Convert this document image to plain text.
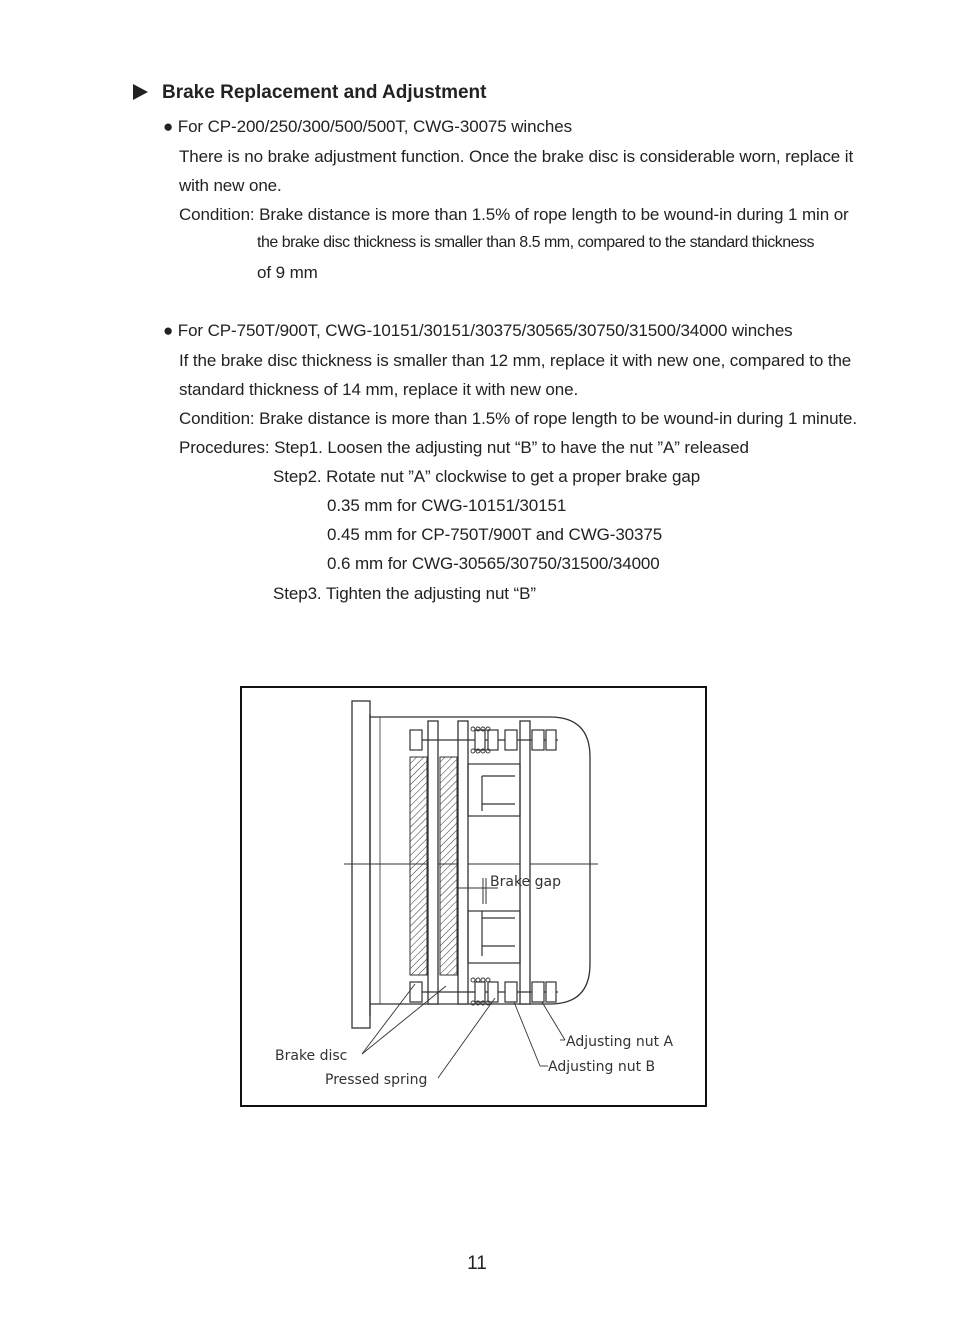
Brake Replacement and Adjustment
● For CP-200/250/300/500/500T, CWG-30075 winches
There is no brake adjustment function. Once the brake disc is considerable worn, replace it
with new one.
Condition: Brake distance is more than 1.5% of rope length to be wound-in during 1 min or
the brake disc thickness is smaller than 8.5 mm, compared to the standard thickness
of 9 mm
● For CP-750T/900T, CWG-10151/30151/30375/30565/30750/31500/34000 winches
If the brake disc thickness is smaller than 12 mm, replace it with new one, compared to the
standard thickness of 14 mm, replace it with new one.
Condition: Brake distance is more than 1.5% of rope length to be wound-in during 1 minute.
Procedures: Step1. Loosen the adjusting nut “B” to have the nut ”A” released
Step2. Rotate nut ”A” clockwise to get a proper brake gap
0.35 mm for CWG-10151/30151
0.45 mm for CP-750T/900T and CWG-30375
0.6 mm for CWG-30565/30750/31500/34000
Step3. Tighten the adjusting nut “B”
Brake gap
Brake disc
Pressed spring
Adjusting nut A
Adjusting nut B
11
